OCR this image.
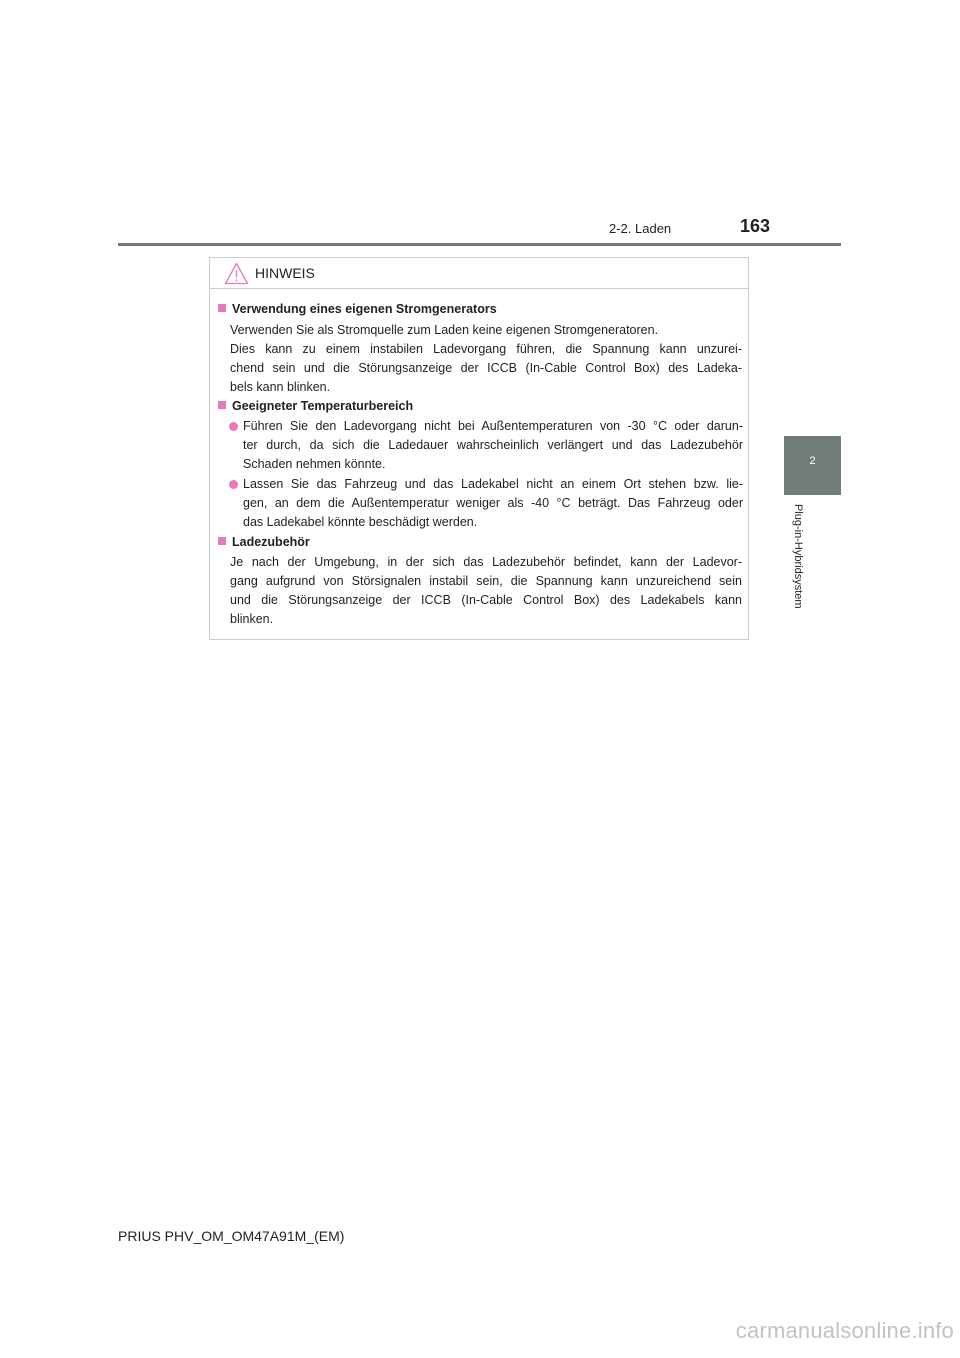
2-2. Laden	163
2
Plug-in-Hybridsystem
HINWEIS
Verwendung eines eigenen Stromgenerators
Verwenden Sie als Stromquelle zum Laden keine eigenen Stromgeneratoren.
Dies kann zu einem instabilen Ladevorgang führen, die Spannung kann unzurei-
chend sein und die Störungsanzeige der ICCB (In-Cable Control Box) des Ladeka-
bels kann blinken.
Geeigneter Temperaturbereich
Führen Sie den Ladevorgang nicht bei Außentemperaturen von -30 °C oder darun-
ter durch, da sich die Ladedauer wahrscheinlich verlängert und das Ladezubehör
Schaden nehmen könnte.
Lassen Sie das Fahrzeug und das Ladekabel nicht an einem Ort stehen bzw. lie-
gen, an dem die Außentemperatur weniger als -40 °C beträgt. Das Fahrzeug oder
das Ladekabel könnte beschädigt werden.
Ladezubehör
Je nach der Umgebung, in der sich das Ladezubehör befindet, kann der Ladevor-
gang aufgrund von Störsignalen instabil sein, die Spannung kann unzureichend sein
und die Störungsanzeige der ICCB (In-Cable Control Box) des Ladekabels kann
blinken.
PRIUS PHV_OM_OM47A91M_(EM)
carmanualsonline.info
